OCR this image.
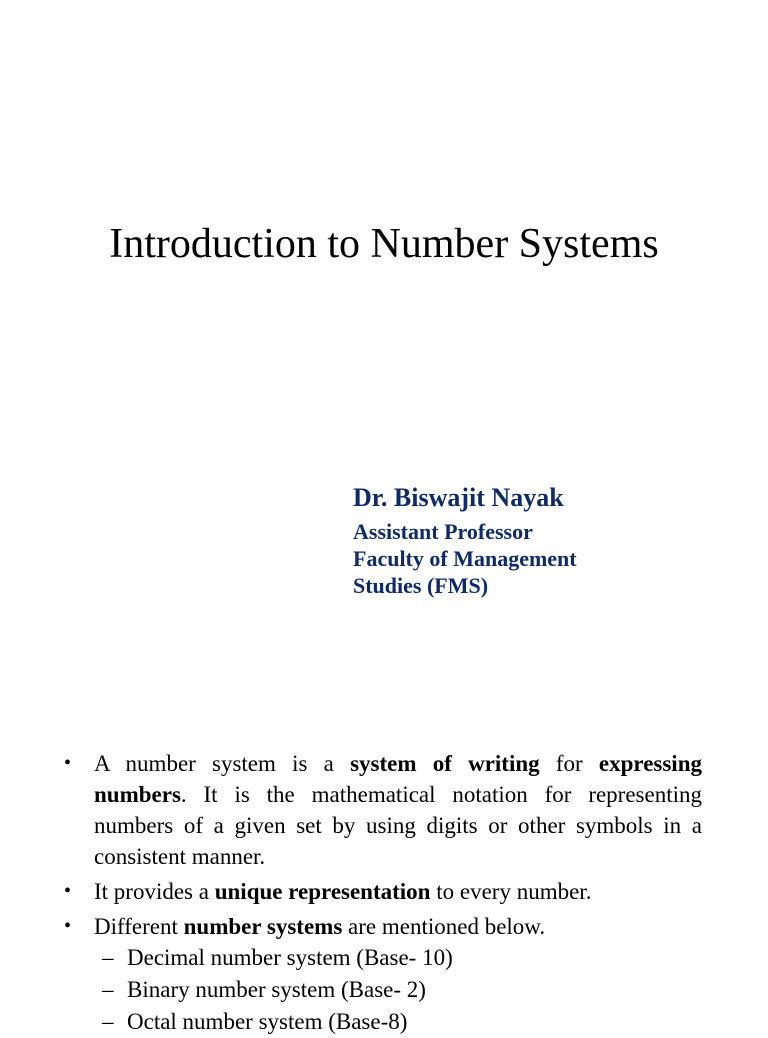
Introduction to Number Systems
Dr. Biswajit Nayak
Assistant Professor
Faculty of Management
Studies (FMS)
• A number system is a system of writing for expressing numbers. It is the mathematical notation for representing numbers of a given set by using digits or other symbols in a consistent manner.
• It provides a unique representation to every number.
• Different number systems are mentioned below.
– Decimal number system (Base- 10)
– Binary number system (Base- 2)
– Octal number system (Base-8)
